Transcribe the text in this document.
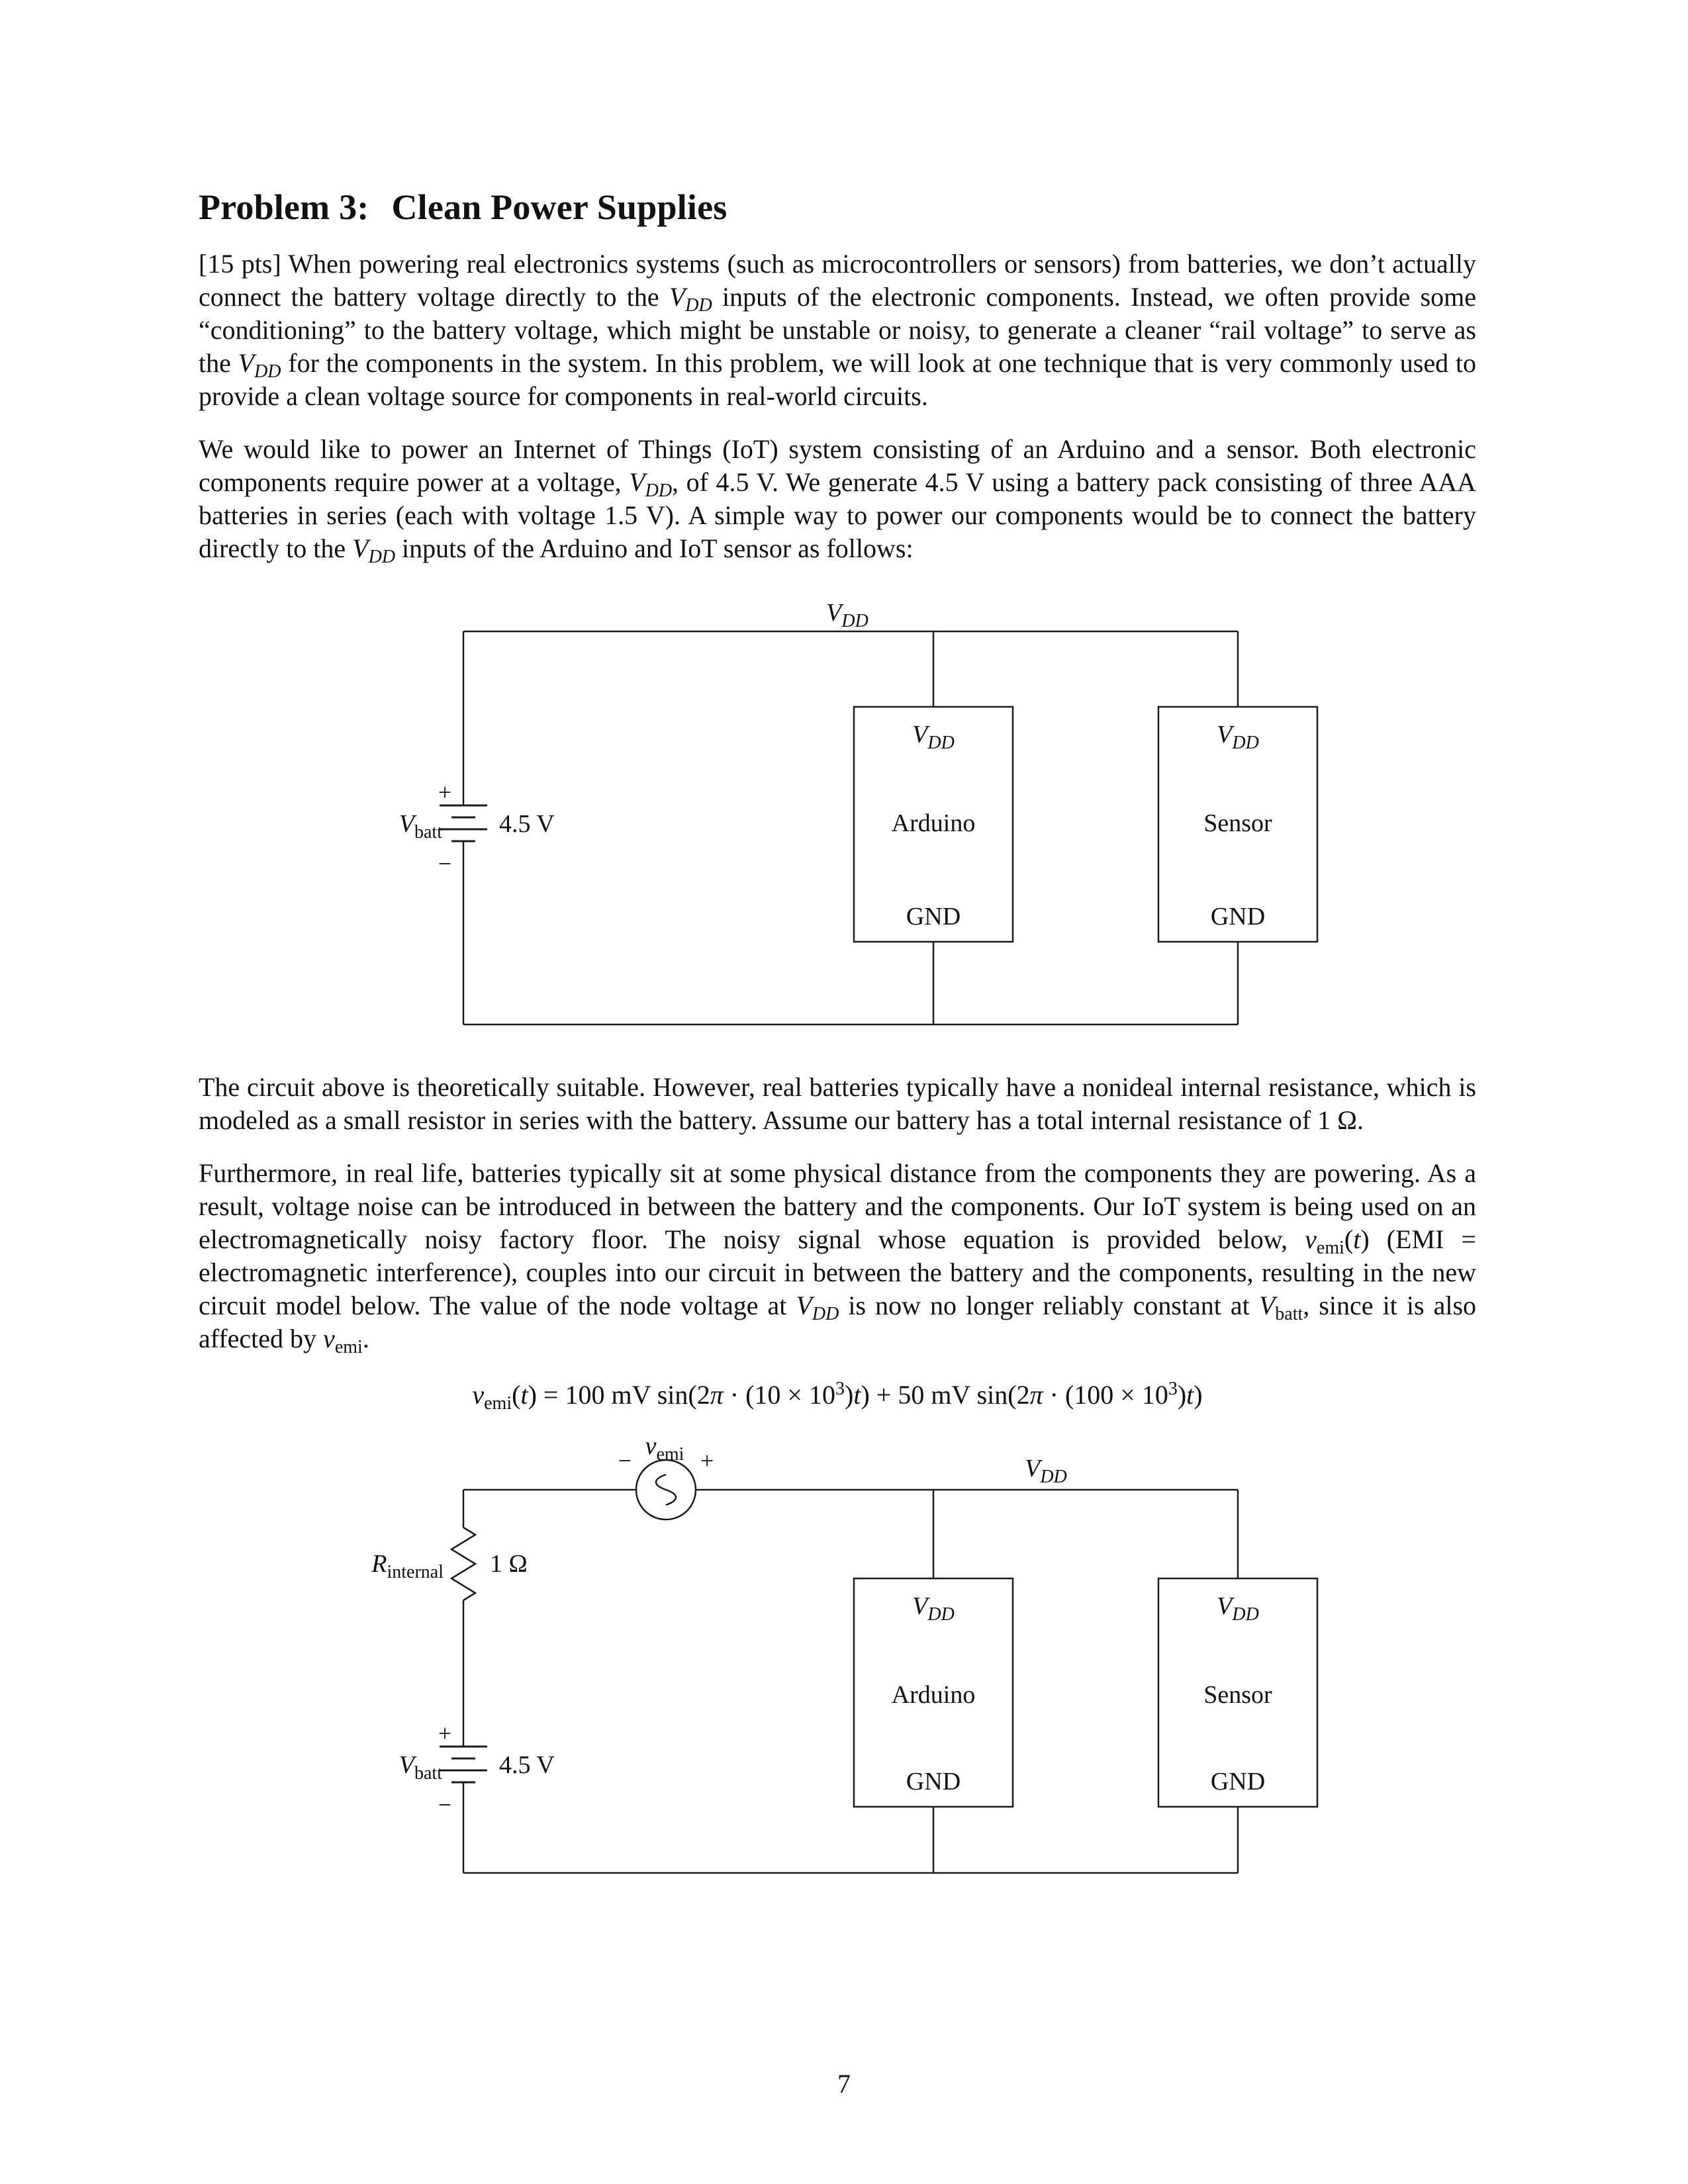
Problem 3: Clean Power Supplies

[15 pts] When powering real electronics systems (such as microcontrollers or sensors) from batteries, we don’t actually connect the battery voltage directly to the $V_{DD}$ inputs of the electronic components. Instead, we often provide some “conditioning” to the battery voltage, which might be unstable or noisy, to generate a cleaner “rail voltage” to serve as the $V_{DD}$ for the components in the system. In this problem, we will look at one technique that is very commonly used to provide a clean voltage source for components in real-world circuits.

We would like to power an Internet of Things (IoT) system consisting of an Arduino and a sensor. Both electronic components require power at a voltage, $V_{DD}$, of 4.5 V. We generate 4.5 V using a battery pack consisting of three AAA batteries in series (each with voltage 1.5 V). A simple way to power our components would be to connect the battery directly to the $V_{DD}$ inputs of the Arduino and IoT sensor as follows:

+
−
$V_{batt}$ 4.5 V
$V_{DD}$
$V_{DD}$
Arduino
GND
$V_{DD}$
Sensor
GND

The circuit above is theoretically suitable. However, real batteries typically have a nonideal internal resistance, which is modeled as a small resistor in series with the battery. Assume our battery has a total internal resistance of 1 Ω.

Furthermore, in real life, batteries typically sit at some physical distance from the components they are powering. As a result, voltage noise can be introduced in between the battery and the components. Our IoT system is being used on an electromagnetically noisy factory floor. The noisy signal whose equation is provided below, $v_{emi}(t) (EMI$ = electromagnetic interference), couples into our circuit in between the battery and the components, resulting in the new circuit model below. The value of the node voltage at $V_{DD}$ is now no longer reliably constant at $V_{batt}$, since it is also affected by $v_{emi}$.

$v_{emi}(t) = 100$ mV $\sin(2\pi \cdot (10 \times 10^3)t) + 50$ mV $\sin(2\pi \cdot (100 \times 10^3)t)$
$v_{emi}$
−	+
$R_{internal}$ 1 Ω
+
−
$V_{batt}$ 4.5 V
$V_{DD}$
$V_{DD}$
Arduino
GND
$V_{DD}$
Sensor
GND
7
